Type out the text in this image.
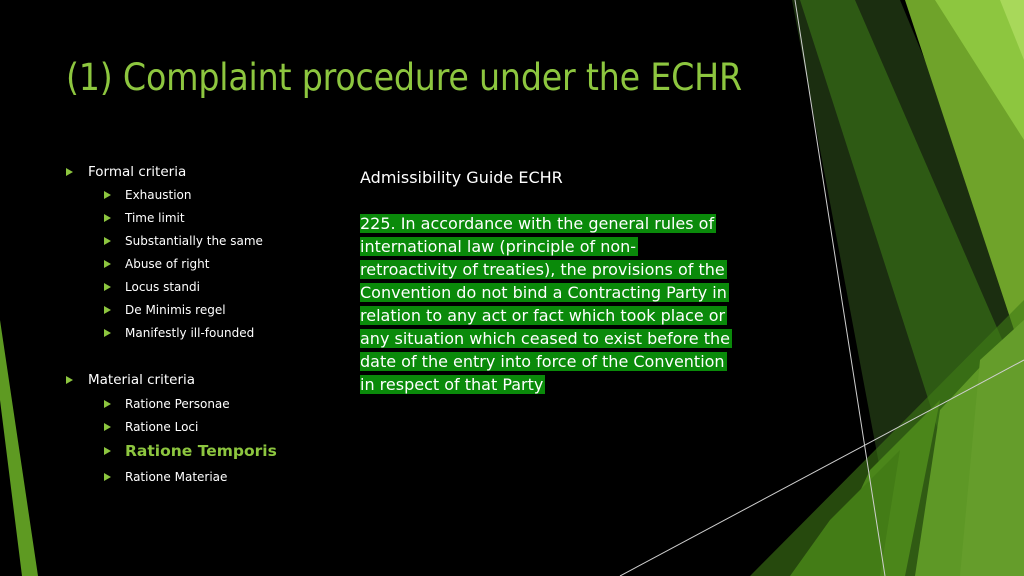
(1) Complaint procedure under the ECHR
Formal criteria
Exhaustion
Time limit
Substantially the same
Abuse of right
Locus standi
De Minimis regel
Manifestly ill-founded
Material criteria
Ratione Personae
Ratione Loci
Ratione Temporis
Ratione Materiae
Admissibility Guide ECHR
225. In accordance with the general rules of
international law (principle of non-
retroactivity of treaties), the provisions of the
Convention do not bind a Contracting Party in
relation to any act or fact which took place or
any situation which ceased to exist before the
date of the entry into force of the Convention
in respect of that Party
